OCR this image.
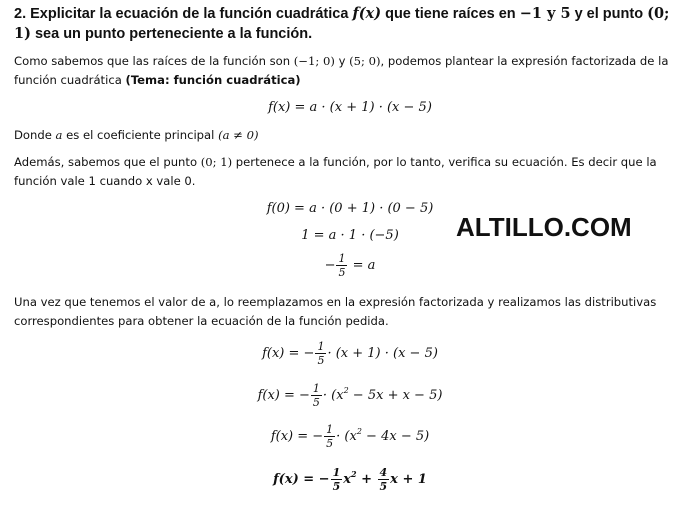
2. Explicitar la ecuación de la función cuadrática f(x) que tiene raíces en −1 y 5 y el punto (0; 1) sea un punto perteneciente a la función.
Como sabemos que las raíces de la función son (−1; 0) y (5; 0), podemos plantear la expresión factorizada de la función cuadrática (Tema: función cuadrática)
f(x) = a · (x + 1) · (x − 5)
Donde a es el coeficiente principal (a ≠ 0)
Además, sabemos que el punto (0; 1) pertenece a la función, por lo tanto, verifica su ecuación. Es decir que la función vale 1 cuando x vale 0.
f(0) = a · (0 + 1) · (0 − 5)
1 = a · 1 · (−5)
− $\frac{1}{5} = a$
ALTILLO.COM
Una vez que tenemos el valor de a, lo reemplazamos en la expresión factorizada y realizamos las distributivas correspondientes para obtener la ecuación de la función pedida.
f(x) = − $\frac{1}{5} \cdot (x + 1) \cdot (x - 5)$
f(x) = − $\frac{1}{5} \cdot (x^2 - 5x + x - 5)$
f(x) = − $\frac{1}{5} \cdot (x^2 - 4x - 5)$
f(x) = − $\frac{1}{5} x^2 + \frac{4}{5}$ x + 1
